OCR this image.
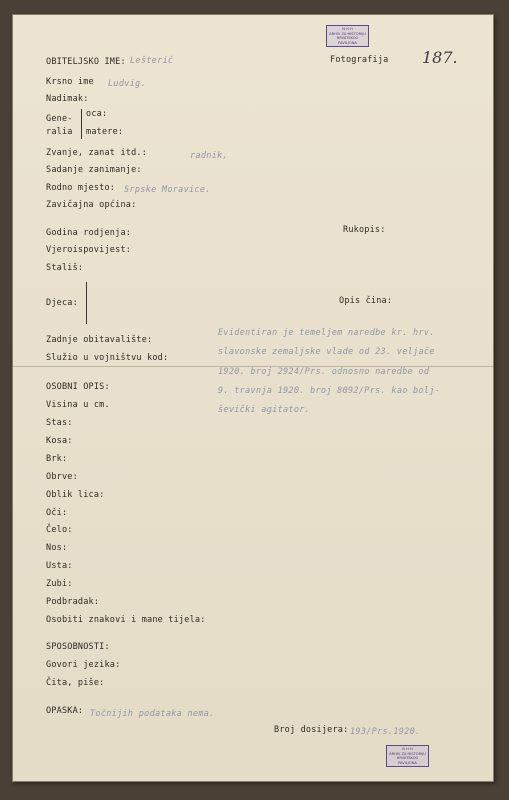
N H H
ARHIV ZA HISTORIJU
HRVATSKOG PAVILJONA
187.
OBITELJSKO IME: Lešterić
Krsno ime Ludvig.
Nadimak:
Gene-
ralia
oca:
matere:
Zvanje, zanat itd.:	radnik,
Sadanje zanimanje:
Rodno mjesto: Srpske Moravice.
Zavičajna općina:
Godina rodjenja:
Vjeroispovijest:
Stališ:
Djeca:
Zadnje obitavalište:
Služio u vojništvu kod:
OSOBNI OPIS:
Visina u cm.
Stas:
Kosa:
Brk:
Obrve:
Oblik lica:
Oči:
Čelo:
Nos:
Usta:
Zubi:
Podbradak:
Osobiti znakovi i mane tijela:
SPOSOBNOSTI:
Govori jezika:
Čita, piše:
OPASKA: Točnijih podataka nema.
Fotografija
Rukopis:
Opis čina:
Evidentiran je temeljem naredbe kr. hrv.
slavonske zemaljske vlade od 23. veljače
1920. broj 2924/Prs. odnosno naredbe od
9. travnja 1920. broj 8092/Prs. kao bolj-
ševički agitator.
Broj dosijera: 193/Prs.1920.
N H H
ARHIV ZA HISTORIJU
HRVATSKOG PAVILJONA
